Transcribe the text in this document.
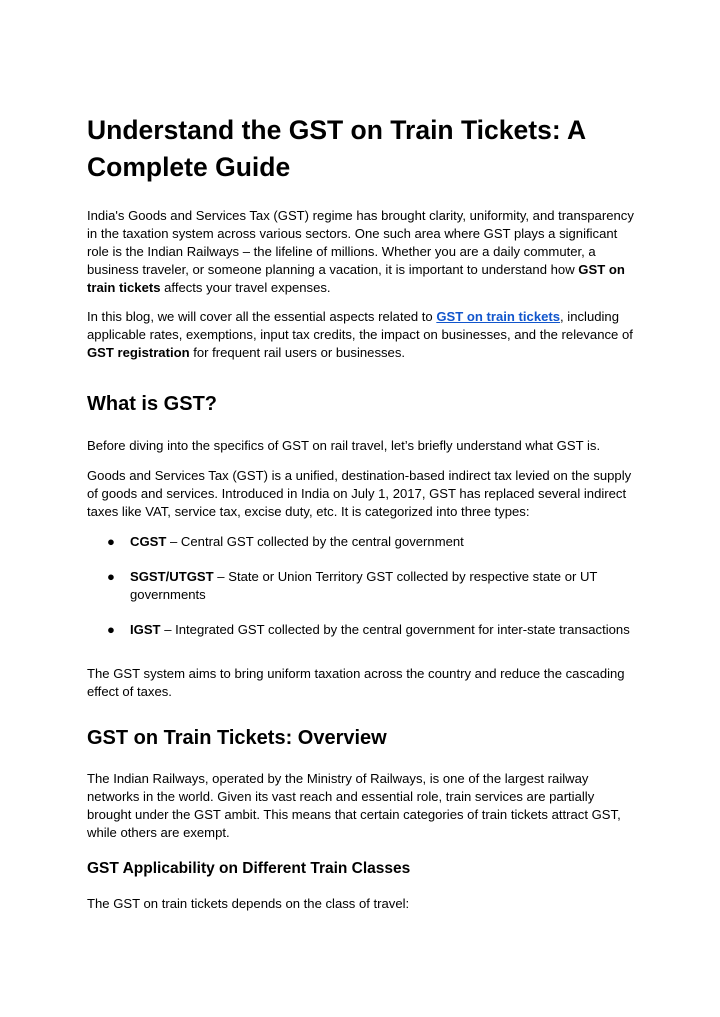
Understand the GST on Train Tickets: A Complete Guide

India's Goods and Services Tax (GST) regime has brought clarity, uniformity, and transparency in the taxation system across various sectors. One such area where GST plays a significant role is the Indian Railways – the lifeline of millions. Whether you are a daily commuter, a business traveler, or someone planning a vacation, it is important to understand how GST on train tickets affects your travel expenses.

In this blog, we will cover all the essential aspects related to GST on train tickets, including applicable rates, exemptions, input tax credits, the impact on businesses, and the relevance of GST registration for frequent rail users or businesses.

What is GST?

Before diving into the specifics of GST on rail travel, let’s briefly understand what GST is.

Goods and Services Tax (GST) is a unified, destination-based indirect tax levied on the supply of goods and services. Introduced in India on July 1, 2017, GST has replaced several indirect taxes like VAT, service tax, excise duty, etc. It is categorized into three types:

● CGST – Central GST collected by the central government
● SGST/UTGST – State or Union Territory GST collected by respective state or UT governments
● IGST – Integrated GST collected by the central government for inter-state transactions

The GST system aims to bring uniform taxation across the country and reduce the cascading effect of taxes.

GST on Train Tickets: Overview

The Indian Railways, operated by the Ministry of Railways, is one of the largest railway networks in the world. Given its vast reach and essential role, train services are partially brought under the GST ambit. This means that certain categories of train tickets attract GST, while others are exempt.

GST Applicability on Different Train Classes

The GST on train tickets depends on the class of travel:
